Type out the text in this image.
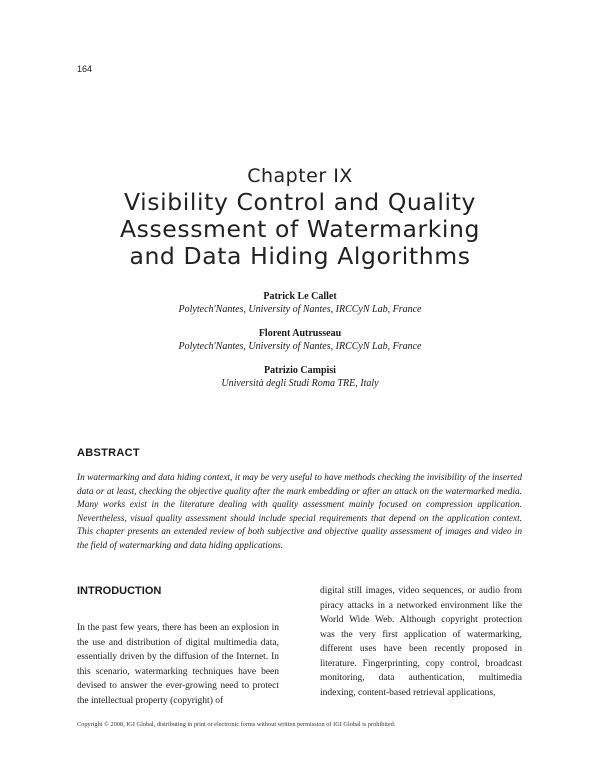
164
Chapter IX
Visibility Control and Quality
Assessment of Watermarking
and Data Hiding Algorithms
Patrick Le Callet
Polytech'Nantes, University of Nantes, IRCCyN Lab, France
Florent Autrusseau
Polytech'Nantes, University of Nantes, IRCCyN Lab, France
Patrizio Campisi
Università degli Studi Roma TRE, Italy
ABSTRACT
In watermarking and data hiding context, it may be very useful to have methods checking the invisibility of the inserted data or at least, checking the objective quality after the mark embedding or after an attack on the watermarked media. Many works exist in the literature dealing with quality assessment mainly focused on compression application. Nevertheless, visual quality assessment should include special requirements that depend on the application context. This chapter presents an extended review of both subjective and objective quality assessment of images and video in the field of watermarking and data hiding applications.
INTRODUCTION
In the past few years, there has been an explosion in the use and distribution of digital multimedia data, essentially driven by the diffusion of the Internet. In this scenario, watermarking techniques have been devised to answer the ever-growing need to protect the intellectual property (copyright) of
digital still images, video sequences, or audio from piracy attacks in a networked environment like the World Wide Web. Although copyright protection was the very first application of watermarking, different uses have been recently proposed in literature. Fingerprinting, copy control, broadcast monitoring, data authentication, multimedia indexing, content-based retrieval applications,
Copyright © 2008, IGI Global, distributing in print or electronic forms without written permission of IGI Global is prohibited.
